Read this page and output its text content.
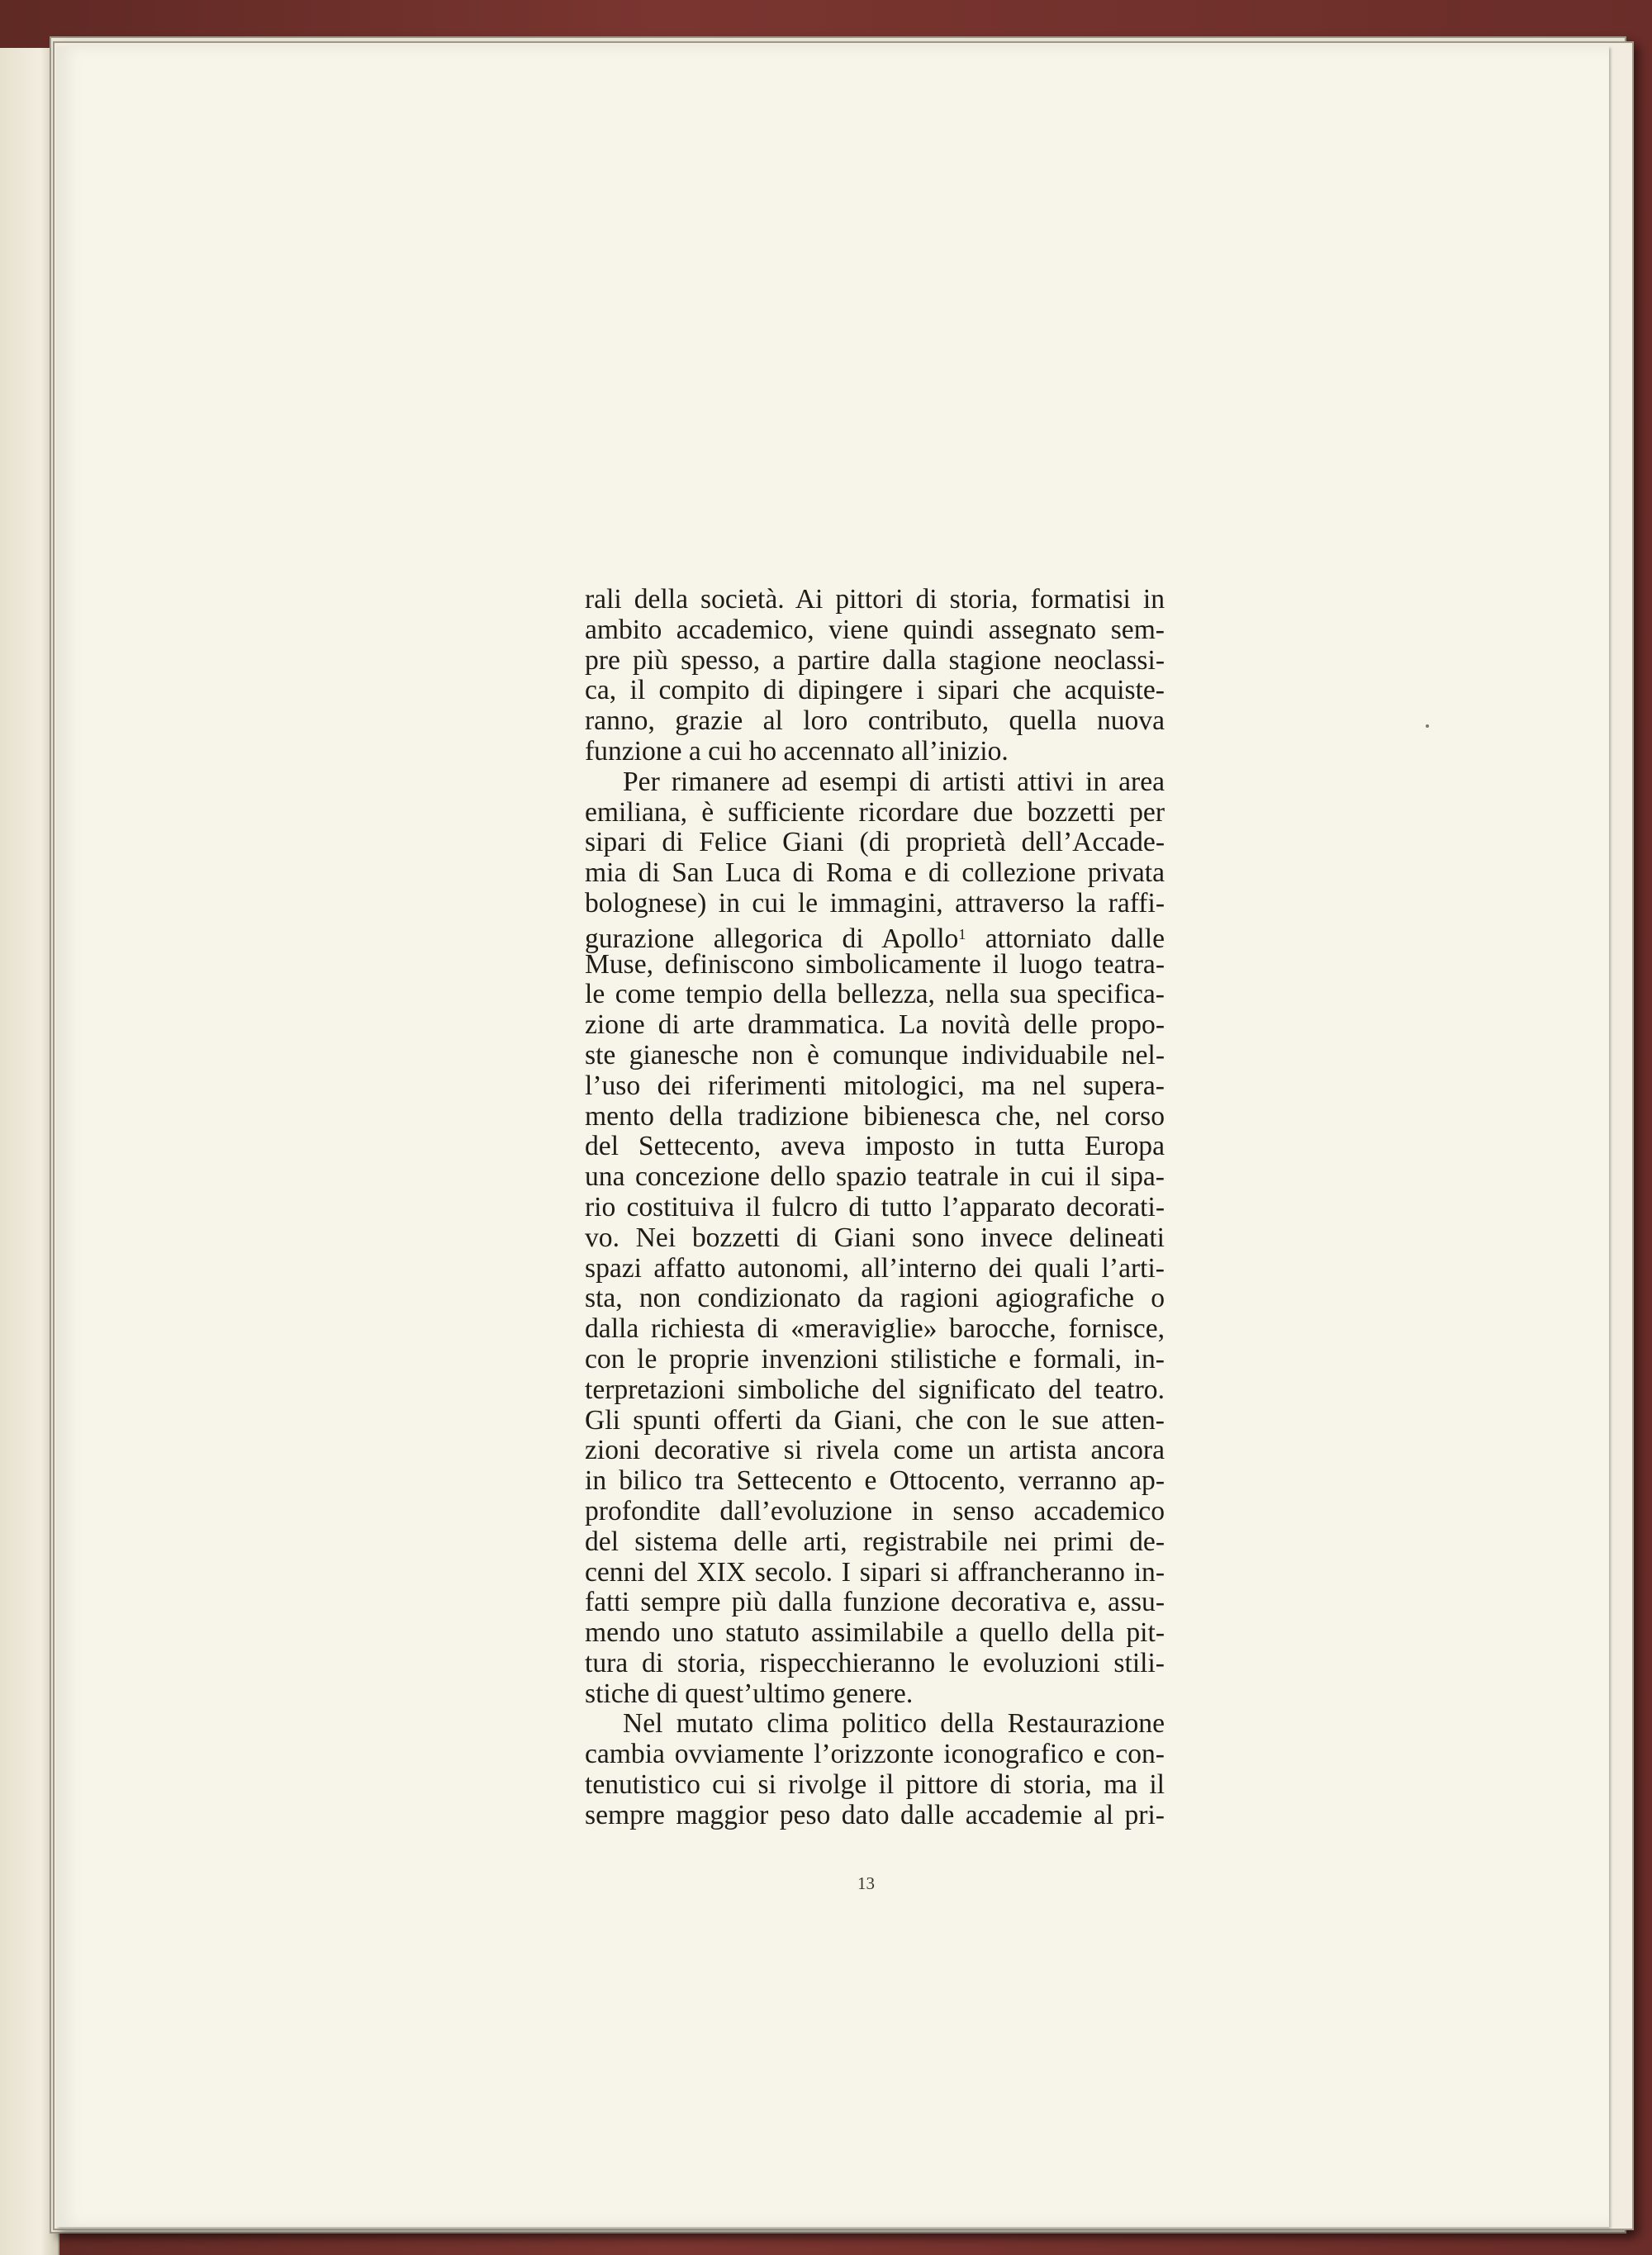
rali della società. Ai pittori di storia, formatisi in
ambito accademico, viene quindi assegnato sem-
pre più spesso, a partire dalla stagione neoclassi-
ca, il compito di dipingere i sipari che acquiste-
ranno, grazie al loro contributo, quella nuova
funzione a cui ho accennato all’inizio.

Per rimanere ad esempi di artisti attivi in area
emiliana, è sufficiente ricordare due bozzetti per
sipari di Felice Giani (di proprietà dell’Accade-
mia di San Luca di Roma e di collezione privata
bolognese) in cui le immagini, attraverso la raffi-
gurazione allegorica di Apollo$^1$ attorniato dalle
Muse, definiscono simbolicamente il luogo teatra-
le come tempio della bellezza, nella sua specifica-
zione di arte drammatica. La novità delle propo-
ste gianesche non è comunque individuabile nel-
l’uso dei riferimenti mitologici, ma nel supera-
mento della tradizione bibienesca che, nel corso
del Settecento, aveva imposto in tutta Europa
una concezione dello spazio teatrale in cui il sipa-
rio costituiva il fulcro di tutto l’apparato decorati-
vo. Nei bozzetti di Giani sono invece delineati
spazi affatto autonomi, all’interno dei quali l’arti-
sta, non condizionato da ragioni agiografiche o
dalla richiesta di «meraviglie» barocche, fornisce,
con le proprie invenzioni stilistiche e formali, in-
terpretazioni simboliche del significato del teatro.
Gli spunti offerti da Giani, che con le sue atten-
zioni decorative si rivela come un artista ancora
in bilico tra Settecento e Ottocento, verranno ap-
profondite dall’evoluzione in senso accademico
del sistema delle arti, registrabile nei primi de-
cenni del XIX secolo. I sipari si affrancheranno in-
fatti sempre più dalla funzione decorativa e, assu-
mendo uno statuto assimilabile a quello della pit-
tura di storia, rispecchieranno le evoluzioni stili-
stiche di quest’ultimo genere.

Nel mutato clima politico della Restaurazione
cambia ovviamente l’orizzonte iconografico e con-
tenutistico cui si rivolge il pittore di storia, ma il
sempre maggior peso dato dalle accademie al pri-

13
